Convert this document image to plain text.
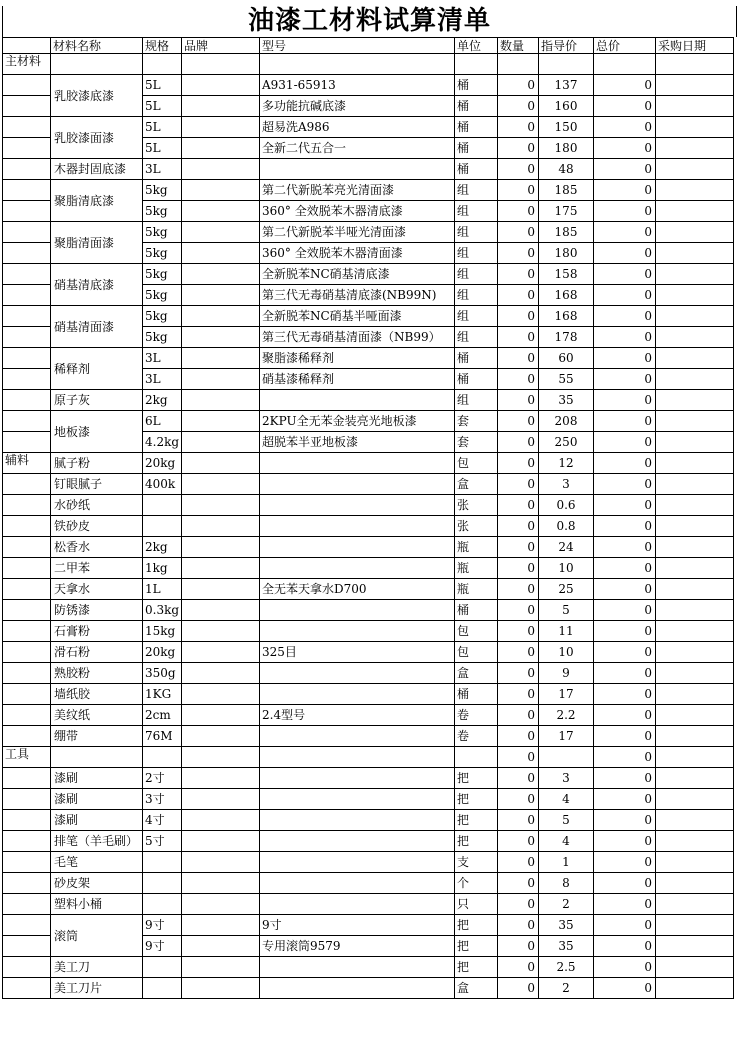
油漆工材料试算清单
	材料名称	规格	品牌	型号	单位	数量	指导价	总价	采购日期
主材料									
	乳胶漆底漆	5L		A931-65913	桶	0	137	0	
		5L		多功能抗碱底漆	桶	0	160	0	
	乳胶漆面漆	5L		超易洗A986	桶	0	150	0	
		5L		全新二代五合一	桶	0	180	0	
	木器封固底漆	3L			桶	0	48	0	
	聚脂清底漆	5kg		第二代新脱苯亮光清面漆	组	0	185	0	
		5kg		360° 全效脱苯木器清底漆	组	0	175	0	
	聚脂清面漆	5kg		第二代新脱苯半哑光清面漆	组	0	185	0	
		5kg		360° 全效脱苯木器清面漆	组	0	180	0	
	硝基清底漆	5kg		全新脱苯NC硝基清底漆	组	0	158	0	
		5kg		第三代无毒硝基清底漆(NB99N)	组	0	168	0	
	硝基清面漆	5kg		全新脱苯NC硝基半哑面漆	组	0	168	0	
		5kg		第三代无毒硝基清面漆（NB99）	组	0	178	0	
	稀释剂	3L		聚脂漆稀释剂	桶	0	60	0	
		3L		硝基漆稀释剂	桶	0	55	0	
	原子灰	2kg			组	0	35	0	
	地板漆	6L		2KPU全无苯金装亮光地板漆	套	0	208	0	
		4.2kg		超脱苯半亚地板漆	套	0	250	0	
辅料	腻子粉	20kg			包	0	12	0	
	钉眼腻子	400k			盒	0	3	0	
	水砂纸				张	0	0.6	0	
	铁砂皮				张	0	0.8	0	
	松香水	2kg			瓶	0	24	0	
	二甲苯	1kg			瓶	0	10	0	
	天拿水	1L		全无苯天拿水D700	瓶	0	25	0	
	防锈漆	0.3kg			桶	0	5	0	
	石膏粉	15kg			包	0	11	0	
	滑石粉	20kg		325目	包	0	10	0	
	熟胶粉	350g			盒	0	9	0	
	墙纸胶	1KG			桶	0	17	0	
	美纹纸	2cm		2.4型号	卷	0	2.2	0	
	绷带	76M			卷	0	17	0	
工具						0		0	
	漆刷	2寸			把	0	3	0	
	漆刷	3寸			把	0	4	0	
	漆刷	4寸			把	0	5	0	
	排笔（羊毛刷）	5寸			把	0	4	0	
	毛笔				支	0	1	0	
	砂皮架				个	0	8	0	
	塑料小桶				只	0	2	0	
	滚筒	9寸		9寸	把	0	35	0	
		9寸		专用滚筒9579	把	0	35	0	
	美工刀				把	0	2.5	0	
	美工刀片				盒	0	2	0	
